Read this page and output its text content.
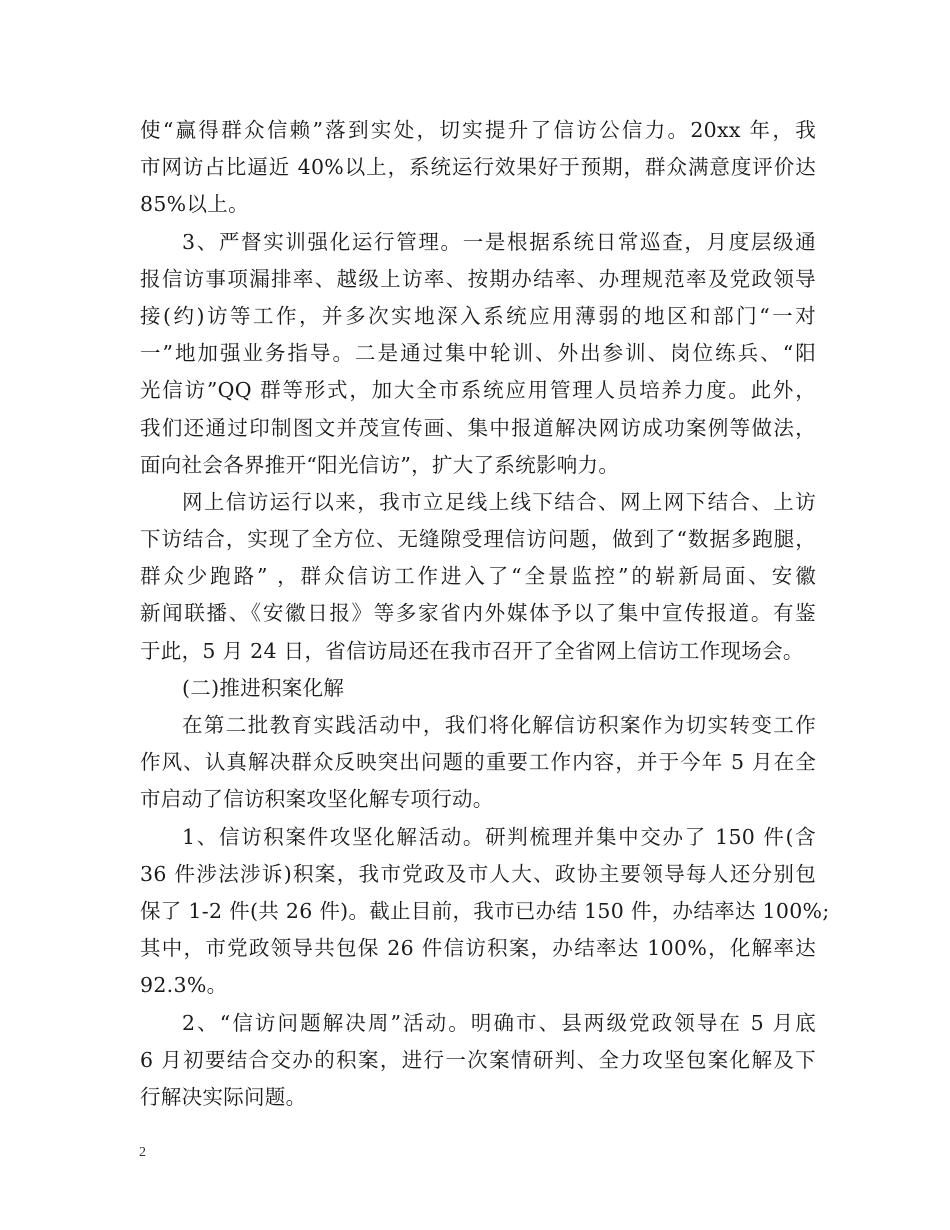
使“赢得群众信赖”落到实处，切实提升了信访公信力。20xx 年，我
市网访占比逼近 40%以上，系统运行效果好于预期，群众满意度评价达
85%以上。
3、严督实训强化运行管理。一是根据系统日常巡查，月度层级通
报信访事项漏排率、越级上访率、按期办结率、办理规范率及党政领导
接(约)访等工作，并多次实地深入系统应用薄弱的地区和部门“一对
一”地加强业务指导。二是通过集中轮训、外出参训、岗位练兵、“阳
光信访”QQ 群等形式，加大全市系统应用管理人员培养力度。此外，
我们还通过印制图文并茂宣传画、集中报道解决网访成功案例等做法，
面向社会各界推开“阳光信访”，扩大了系统影响力。
网上信访运行以来，我市立足线上线下结合、网上网下结合、上访
下访结合，实现了全方位、无缝隙受理信访问题，做到了“数据多跑腿，
群众少跑路” ，群众信访工作进入了“全景监控”的崭新局面、安徽
新闻联播、《安徽日报》等多家省内外媒体予以了集中宣传报道。有鉴
于此，5 月 24 日，省信访局还在我市召开了全省网上信访工作现场会。
(二)推进积案化解
在第二批教育实践活动中，我们将化解信访积案作为切实转变工作
作风、认真解决群众反映突出问题的重要工作内容，并于今年 5 月在全
市启动了信访积案攻坚化解专项行动。
1、信访积案件攻坚化解活动。研判梳理并集中交办了 150 件(含
36 件涉法涉诉)积案，我市党政及市人大、政协主要领导每人还分别包
保了 1-2 件(共 26 件)。截止目前，我市已办结 150 件，办结率达 100%;
其中，市党政领导共包保 26 件信访积案，办结率达 100%，化解率达
92.3%。
2、“信访问题解决周”活动。明确市、县两级党政领导在 5 月底
6 月初要结合交办的积案，进行一次案情研判、全力攻坚包案化解及下
行解决实际问题。
2
